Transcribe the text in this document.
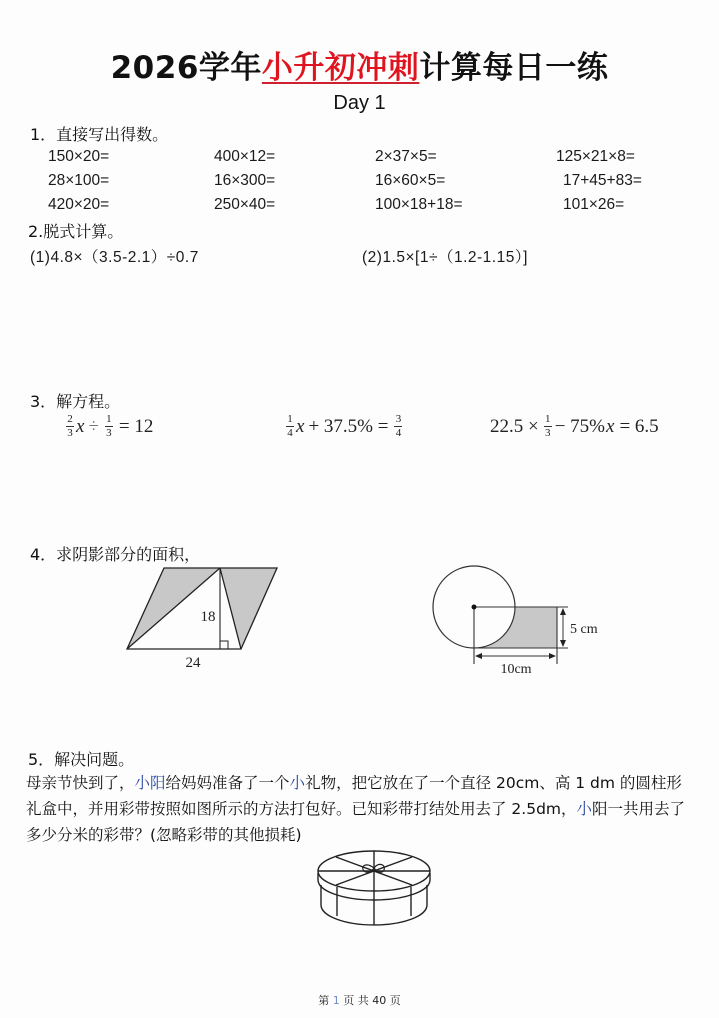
2026学年小升初冲刺计算每日一练
Day 1
1．直接写出得数。
150×20=	400×12=	2×37×5=	125×21×8=
28×100=	16×300=	16×60×5=	17+45+83=
420×20=	250×40=	100×18+18=	101×26=
2.脱式计算。
(1)4.8×（3.5-2.1）÷0.7	(2)1.5×[1÷（1.2-1.15）]
3．解方程。
$\frac{2}{3}$ $x \div \frac{1}{3} = 12$	$\frac{1}{4}$ $x + 37.5\% = \frac{3}{4}$	$22.5 \times \frac{1}{3} - 75\%$ x = 6.5
4．求阴影部分的面积，
18
24
5 cm
10cm
5．解决问题。
母亲节快到了，小阳给妈妈准备了一个小礼物，把它放在了一个直径 20cm、高 1 dm 的圆柱形礼盒中，并用彩带按照如图所示的方法打包好。已知彩带打结处用去了 2.5dm，小阳一共用去了多少分米的彩带？(忽略彩带的其他损耗)
第 1 页 共 40 页
